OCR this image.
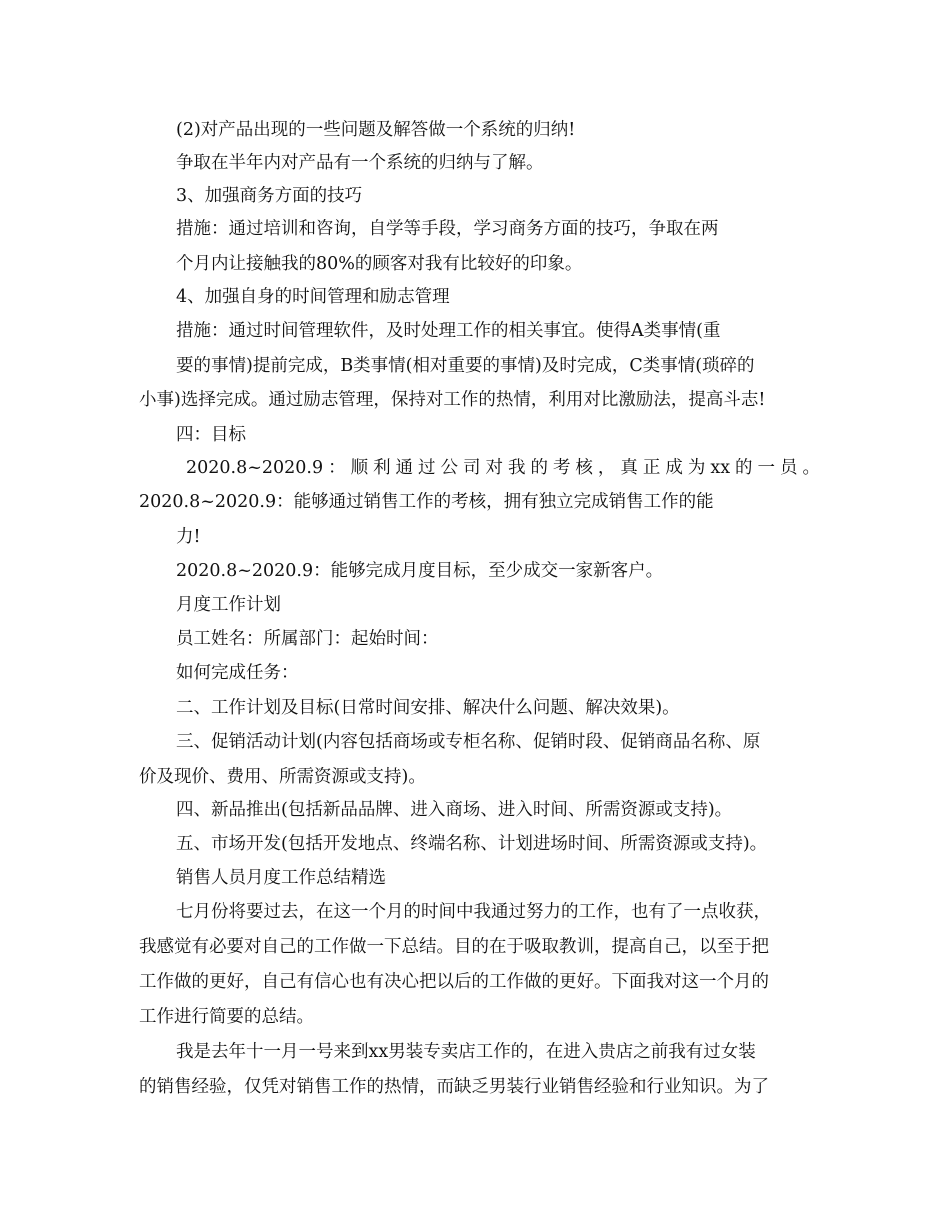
(2)对产品出现的一些问题及解答做一个系统的归纳!
争取在半年内对产品有一个系统的归纳与了解。
3、加强商务方面的技巧
措施：通过培训和咨询，自学等手段，学习商务方面的技巧，争取在两
个月内让接触我的80%的顾客对我有比较好的印象。
4、加强自身的时间管理和励志管理
措施：通过时间管理软件，及时处理工作的相关事宜。使得A类事情(重
要的事情)提前完成，B类事情(相对重要的事情)及时完成，C类事情(琐碎的
小事)选择完成。通过励志管理，保持对工作的热情，利用对比激励法，提高斗志!
四：目标
2020.8~2020.9：顺利通过公司对我的考核，真正成为xx的一员。
2020.8~2020.9：能够通过销售工作的考核，拥有独立完成销售工作的能
力!
2020.8~2020.9：能够完成月度目标，至少成交一家新客户。
月度工作计划
员工姓名：所属部门：起始时间：
如何完成任务：
二、工作计划及目标(日常时间安排、解决什么问题、解决效果)。
三、促销活动计划(内容包括商场或专柜名称、促销时段、促销商品名称、原
价及现价、费用、所需资源或支持)。
四、新品推出(包括新品品牌、进入商场、进入时间、所需资源或支持)。
五、市场开发(包括开发地点、终端名称、计划进场时间、所需资源或支持)。
销售人员月度工作总结精选
七月份将要过去，在这一个月的时间中我通过努力的工作，也有了一点收获，
我感觉有必要对自己的工作做一下总结。目的在于吸取教训，提高自己，以至于把
工作做的更好，自己有信心也有决心把以后的工作做的更好。下面我对这一个月的
工作进行简要的总结。
我是去年十一月一号来到xx男装专卖店工作的，在进入贵店之前我有过女装
的销售经验，仅凭对销售工作的热情，而缺乏男装行业销售经验和行业知识。为了
